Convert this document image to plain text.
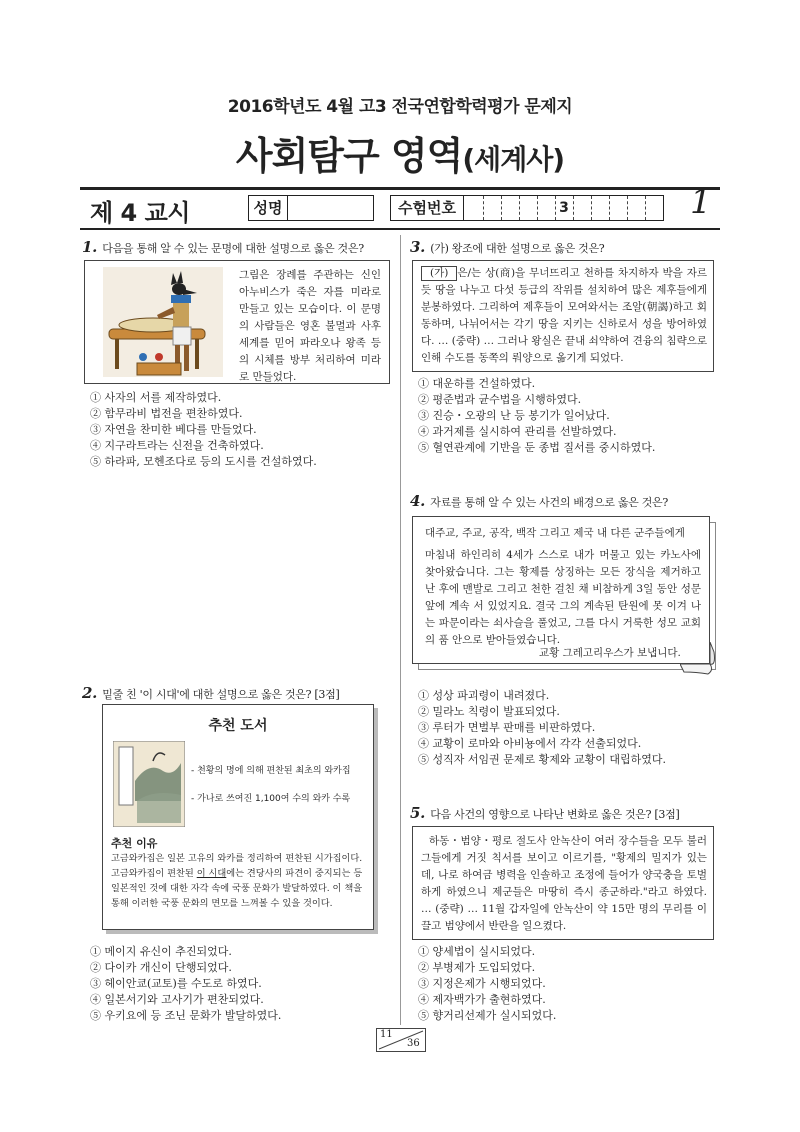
2016학년도 4월 고3 전국연합학력평가 문제지
사회탐구 영역(세계사)
제 4 교시	성명	수험번호	3	1
1. 다음을 통해 알 수 있는 문명에 대한 설명으로 옳은 것은?
그림은 장례를 주관하는 신인 아누비스가 죽은 자를 미라로 만들고 있는 모습이다. 이 문명의 사람들은 영혼 불멸과 사후 세계를 믿어 파라오나 왕족 등의 시체를 방부 처리하여 미라로 만들었다.
① 사자의 서를 제작하였다.
② 함무라비 법전을 편찬하였다.
③ 자연을 찬미한 베다를 만들었다.
④ 지구라트라는 신전을 건축하였다.
⑤ 하라파, 모헨조다로 등의 도시를 건설하였다.
2. 밑줄 친 '이 시대'에 대한 설명으로 옳은 것은? [3점]
추천 도서
- 천황의 명에 의해 편찬된 최초의 와카집
- 가나로 쓰여진 1,100여 수의 와카 수록
추천 이유
고금와카집은 일본 고유의 와카를 정리하여 편찬된 시가집이다. 고금와카집이 편찬된 이 시대에는 견당사의 파견이 중지되는 등 일본적인 것에 대한 자각 속에 국풍 문화가 발달하였다. 이 책을 통해 이러한 국풍 문화의 면모를 느껴볼 수 있을 것이다.
① 메이지 유신이 추진되었다.
② 다이카 개신이 단행되었다.
③ 헤이안쿄(교토)를 수도로 하였다.
④ 일본서기와 고사기가 편찬되었다.
⑤ 우키요에 등 조닌 문화가 발달하였다.
3. (가) 왕조에 대한 설명으로 옳은 것은?
(가) 은/는 상(商)을 무너뜨리고 천하를 차지하자 박을 자르듯 땅을 나누고 다섯 등급의 작위를 설치하여 많은 제후들에게 분봉하였다. 그리하여 제후들이 모여와서는 조알(朝謁)하고 회동하며, 나뉘어서는 각기 땅을 지키는 신하로서 성을 방어하였다. … (중략) … 그러나 왕실은 끝내 쇠약하여 견융의 침략으로 인해 수도를 동쪽의 뤄양으로 옮기게 되었다.
① 대운하를 건설하였다.
② 평준법과 균수법을 시행하였다.
③ 진승・오광의 난 등 봉기가 일어났다.
④ 과거제를 실시하여 관리를 선발하였다.
⑤ 혈연관계에 기반을 둔 종법 질서를 중시하였다.
4. 자료를 통해 알 수 있는 사건의 배경으로 옳은 것은?
대주교, 주교, 공작, 백작 그리고 제국 내 다른 군주들에게
마침내 하인리히 4세가 스스로 내가 머물고 있는 카노사에 찾아왔습니다. 그는 황제를 상징하는 모든 장식을 제거하고 난 후에 맨발로 그리고 천한 걸친 채 비참하게 3일 동안 성문 앞에 계속 서 있었지요. 결국 그의 계속된 탄원에 못 이겨 나는 파문이라는 쇠사슬을 풀었고, 그를 다시 거룩한 성모 교회의 품 안으로 받아들였습니다.
교황 그레고리우스가 보냅니다.
① 성상 파괴령이 내려졌다.
② 밀라노 칙령이 발표되었다.
③ 루터가 면벌부 판매를 비판하였다.
④ 교황이 로마와 아비뇽에서 각각 선출되었다.
⑤ 성직자 서임권 문제로 황제와 교황이 대립하였다.
5. 다음 사건의 영향으로 나타난 변화로 옳은 것은? [3점]
하동・범양・평로 절도사 안녹산이 여러 장수들을 모두 불러 그들에게 거짓 칙서를 보이고 이르기를, "황제의 밀지가 있는데, 나로 하여금 병력을 인솔하고 조정에 들어가 양국충을 토벌하게 하였으니 제군들은 마땅히 즉시 종군하라."라고 하였다. … (중략) … 11월 갑자일에 안녹산이 약 15만 명의 무리를 이끌고 범양에서 반란을 일으켰다.
① 양세법이 실시되었다.
② 부병제가 도입되었다.
③ 지정은제가 시행되었다.
④ 제자백가가 출현하였다.
⑤ 향거리선제가 실시되었다.
11
36
